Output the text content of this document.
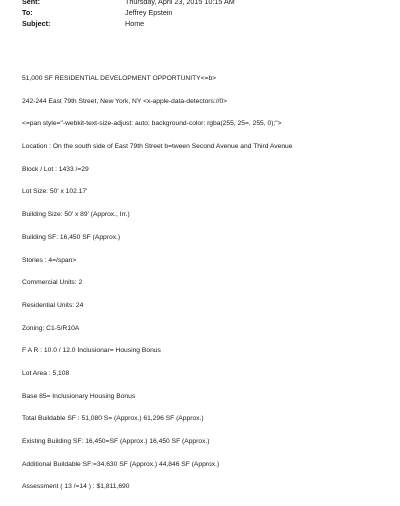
Sent:	Thursday, April 23, 2015 10:15 AM
To:	Jeffrey Epstein
Subject:	Home
51,000 SF RESIDENTIAL DEVELOPMENT OPPORTUNITY<=b>
242-244 East 79th Street, New York, NY <x-apple-data-detectors://0>
<=pan style="-webkit-text-size-adjust: auto; background-color: rgba(255, 25=, 255, 0);">
Location : On the south side of East 79th Street b=tween Second Avenue and Third Avenue
Block / Lot : 1433 /=29
Lot Size: 50' x 102.17'
Building Size: 50' x 89' (Approx., Irr.)
Building SF: 16,450 SF (Approx.)
Stories : 4=/span>
Commercial Units: 2
Residential Units: 24
Zoning: C1-5/R10A
F A R : 10.0 / 12.0 Inclusionar= Housing Bonus
Lot Area : 5,108
Base 85= Inclusionary Housing Bonus
Total Buildable SF : 51,080 S= (Approx.) 61,296 SF (Approx.)
Existing Building SF: 16,450=SF (Approx.) 16,450 SF (Approx.)
Additional Buildable SF:=34,630 SF (Approx.) 44,846 SF (Approx.)
Assessment ( 13 /=14 ) : $1,811,690
